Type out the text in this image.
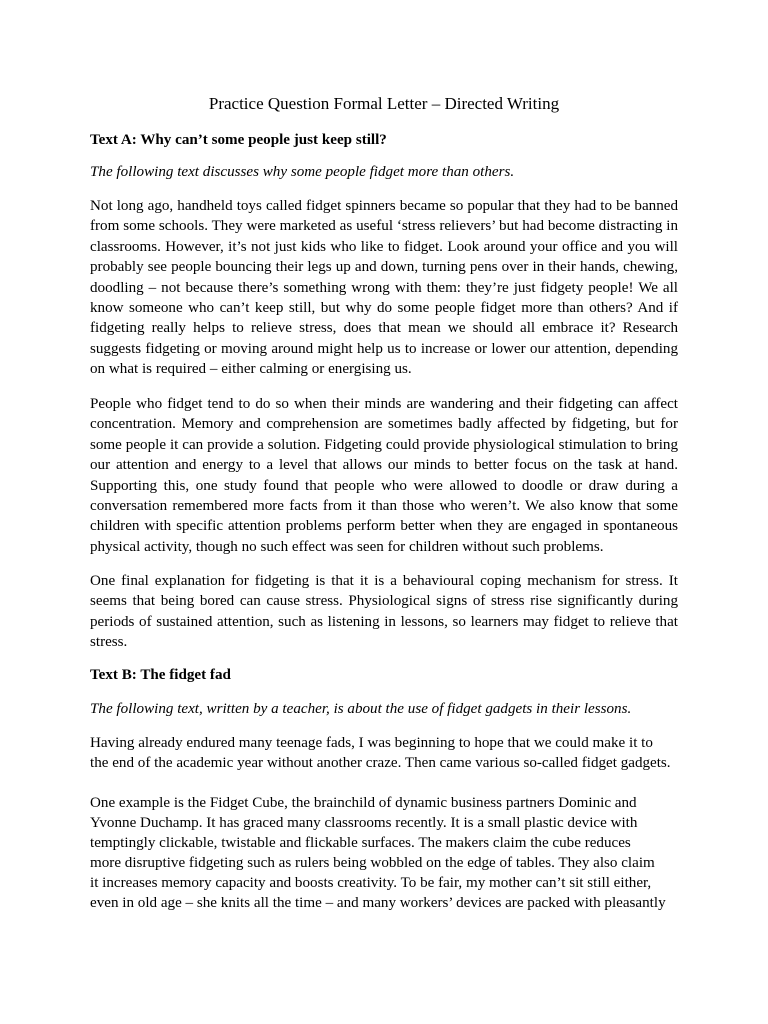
Practice Question Formal Letter – Directed Writing

Text A: Why can’t some people just keep still?

The following text discusses why some people fidget more than others.

Not long ago, handheld toys called fidget spinners became so popular that they had to be banned from some schools. They were marketed as useful ‘stress relievers’ but had become distracting in classrooms. However, it’s not just kids who like to fidget. Look around your office and you will probably see people bouncing their legs up and down, turning pens over in their hands, chewing, doodling – not because there’s something wrong with them: they’re just fidgety people! We all know someone who can’t keep still, but why do some people fidget more than others? And if fidgeting really helps to relieve stress, does that mean we should all embrace it? Research suggests fidgeting or moving around might help us to increase or lower our attention, depending on what is required – either calming or energising us.

People who fidget tend to do so when their minds are wandering and their fidgeting can affect concentration. Memory and comprehension are sometimes badly affected by fidgeting, but for some people it can provide a solution. Fidgeting could provide physiological stimulation to bring our attention and energy to a level that allows our minds to better focus on the task at hand. Supporting this, one study found that people who were allowed to doodle or draw during a conversation remembered more facts from it than those who weren’t. We also know that some children with specific attention problems perform better when they are engaged in spontaneous physical activity, though no such effect was seen for children without such problems.

One final explanation for fidgeting is that it is a behavioural coping mechanism for stress. It seems that being bored can cause stress. Physiological signs of stress rise significantly during periods of sustained attention, such as listening in lessons, so learners may fidget to relieve that stress.

Text B: The fidget fad

The following text, written by a teacher, is about the use of fidget gadgets in their lessons.

Having already endured many teenage fads, I was beginning to hope that we could make it to
the end of the academic year without another craze. Then came various so-called fidget gadgets.

One example is the Fidget Cube, the brainchild of dynamic business partners Dominic and
Yvonne Duchamp. It has graced many classrooms recently. It is a small plastic device with
temptingly clickable, twistable and flickable surfaces. The makers claim the cube reduces
more disruptive fidgeting such as rulers being wobbled on the edge of tables. They also claim
it increases memory capacity and boosts creativity. To be fair, my mother can’t sit still either,
even in old age – she knits all the time – and many workers’ devices are packed with pleasantly
